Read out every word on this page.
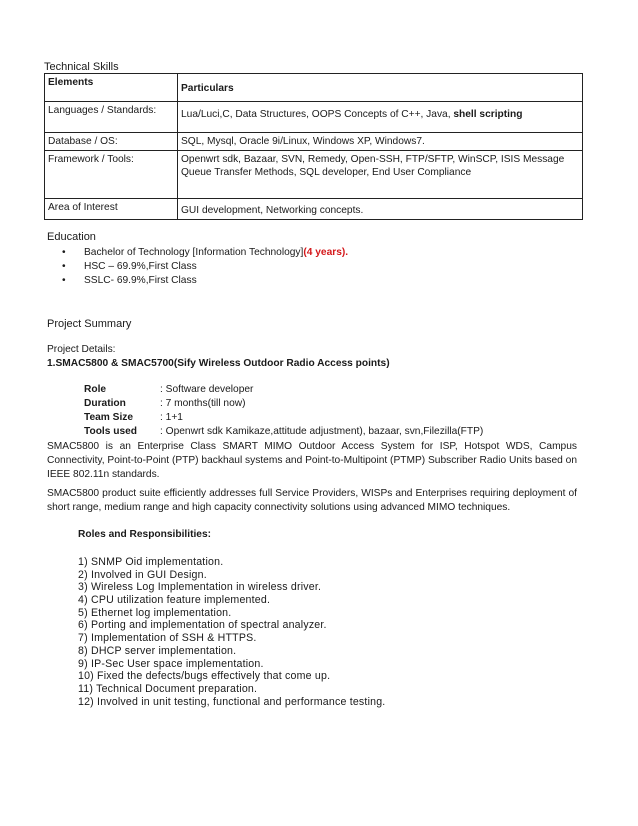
Technical Skills
Elements	Particulars
Languages / Standards:	Lua/Luci,C, Data Structures, OOPS Concepts of C++, Java, shell scripting
Database / OS:	SQL, Mysql, Oracle 9i/Linux, Windows XP, Windows7.
Framework / Tools:	Openwrt sdk, Bazaar, SVN, Remedy, Open-SSH, FTP/SFTP, WinSCP, ISIS Message Queue Transfer Methods, SQL developer, End User Compliance
Area of Interest	GUI development, Networking concepts.
Education
• Bachelor of Technology [Information Technology](4 years).
• HSC – 69.9%,First Class
• SSLC- 69.9%,First Class
Project Summary
Project Details:
1.SMAC5800 & SMAC5700(Sify Wireless Outdoor Radio Access points)
Role	: Software developer
Duration	: 7 months(till now)
Team Size	: 1+1
Tools used : Openwrt sdk Kamikaze,attitude adjustment), bazaar, svn,Filezilla(FTP)
SMAC5800 is an Enterprise Class SMART MIMO Outdoor Access System for ISP, Hotspot WDS, Campus Connectivity, Point-to-Point (PTP) backhaul systems and Point-to-Multipoint (PTMP) Subscriber Radio Units based on IEEE 802.11n standards.
SMAC5800 product suite efficiently addresses full Service Providers, WISPs and Enterprises requiring deployment of short range, medium range and high capacity connectivity solutions using advanced MIMO techniques.
Roles and Responsibilities:
1) SNMP Oid implementation.
2) Involved in GUI Design.
3) Wireless Log Implementation in wireless driver.
4) CPU utilization feature implemented.
5) Ethernet log implementation.
6) Porting and implementation of spectral analyzer.
7) Implementation of SSH & HTTPS.
8) DHCP server implementation.
9) IP-Sec User space implementation.
10) Fixed the defects/bugs effectively that come up.
11) Technical Document preparation.
12) Involved in unit testing, functional and performance testing.
